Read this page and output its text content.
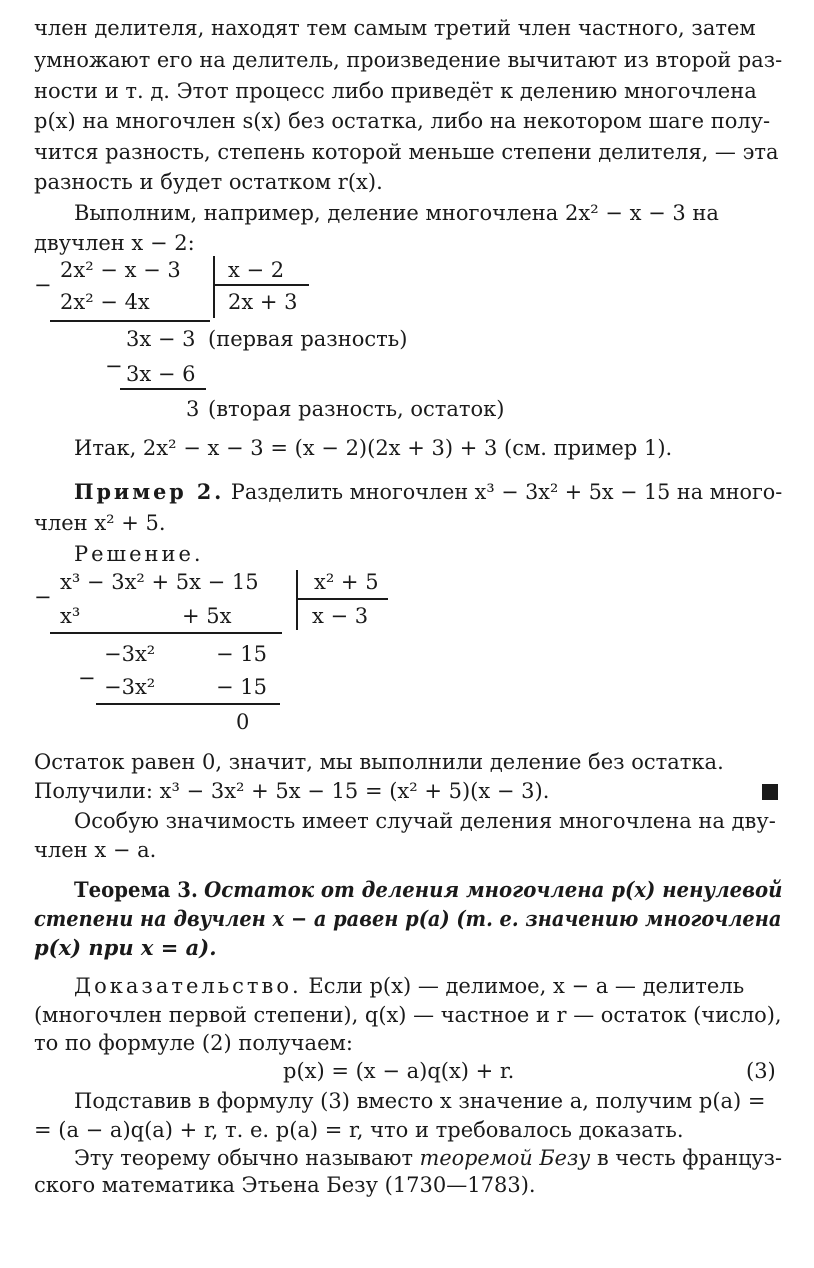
член делителя, находят тем самым третий член частного, затем
умножают его на делитель, произведение вычитают из второй раз-
ности и т. д. Этот процесс либо приведёт к делению многочлена
p(x) на многочлен s(x) без остатка, либо на некотором шаге полу-
чится разность, степень которой меньше степени делителя, — эта
разность и будет остатком r(x).
Выполним, например, деление многочлена 2x² − x − 3 на
двучлен x − 2:
−
2x² − x − 3 x − 2
2x² − 4x	2x + 3
3x − 3 (первая разность)
− 3x − 6
3 (вторая разность, остаток)
Итак, 2x² − x − 3 = (x − 2)(2x + 3) + 3 (см. пример 1).
Пример 2. Разделить многочлен x³ − 3x² + 5x − 15 на много-
член x² + 5.
Решение.
−
x³ − 3x² + 5x − 15	x² + 5
x³	+ 5x	x − 3
−3x²	− 15
− −3x²	− 15
0
Остаток равен 0, значит, мы выполнили деление без остатка.
Получили: x³ − 3x² + 5x − 15 = (x² + 5)(x − 3).
Особую значимость имеет случай деления многочлена на дву-
член x − a.
Теорема 3. Остаток от деления многочлена p(x) ненулевой
степени на двучлен x − a равен p(a) (т. е. значению многочлена
p(x) при x = a).
Доказательство. Если p(x) — делимое, x − a — делитель
(многочлен первой степени), q(x) — частное и r — остаток (число),
то по формуле (2) получаем:
p(x) = (x − a)q(x) + r.	(3)
Подставив в формулу (3) вместо x значение a, получим p(a) =
= (a − a)q(a) + r, т. е. p(a) = r, что и требовалось доказать.
Эту теорему обычно называют теоремой Безу в честь француз-
ского математика Этьена Безу (1730—1783).
